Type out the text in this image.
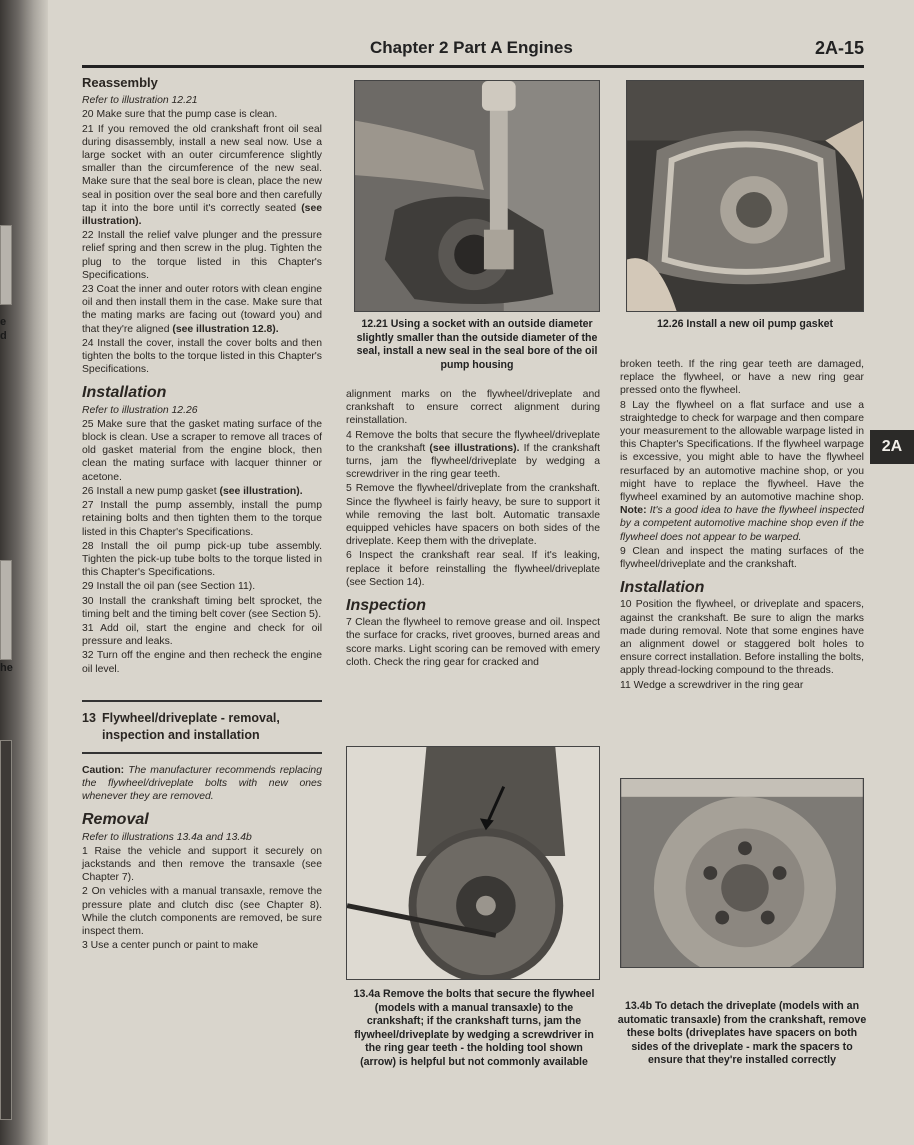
e
d
he
Chapter 2 Part A Engines	2A-15
2A
Reassembly

Refer to illustration 12.21

20 Make sure that the pump case is clean.

21 If you removed the old crankshaft front oil seal during disassembly, install a new seal now. Use a large socket with an outer circumference slightly smaller than the circumference of the new seal. Make sure that the seal bore is clean, place the new seal in position over the seal bore and then carefully tap it into the bore until it's correctly seated (see illustration).

22 Install the relief valve plunger and the pressure relief spring and then screw in the plug. Tighten the plug to the torque listed in this Chapter's Specifications.

23 Coat the inner and outer rotors with clean engine oil and then install them in the case. Make sure that the mating marks are facing out (toward you) and that they're aligned (see illustration 12.8).

24 Install the cover, install the cover bolts and then tighten the bolts to the torque listed in this Chapter's Specifications.

Installation

Refer to illustration 12.26

25 Make sure that the gasket mating surface of the block is clean. Use a scraper to remove all traces of old gasket material from the engine block, then clean the mating surface with lacquer thinner or acetone.

26 Install a new pump gasket (see illustration).

27 Install the pump assembly, install the pump retaining bolts and then tighten them to the torque listed in this Chapter's Specifications.

28 Install the oil pump pick-up tube assembly. Tighten the pick-up tube bolts to the torque listed in this Chapter's Specifications.

29 Install the oil pan (see Section 11).

30 Install the crankshaft timing belt sprocket, the timing belt and the timing belt cover (see Section 5).

31 Add oil, start the engine and check for oil pressure and leaks.

32 Turn off the engine and then recheck the engine oil level.

13 Flywheel/driveplate - removal,
inspection and installation

Caution: The manufacturer recommends replacing the flywheel/driveplate bolts with new ones whenever they are removed.

Removal

Refer to illustrations 13.4a and 13.4b

1 Raise the vehicle and support it securely on jackstands and then remove the transaxle (see Chapter 7).

2 On vehicles with a manual transaxle, remove the pressure plate and clutch disc (see Chapter 8). While the clutch components are removed, be sure inspect them.

3 Use a center punch or paint to make

12.21 Using a socket with an outside diameter slightly smaller than the outside diameter of the seal, install a new seal in the seal bore of the oil pump housing
12.26 Install a new oil pump gasket

alignment marks on the flywheel/driveplate and crankshaft to ensure correct alignment during reinstallation.

4 Remove the bolts that secure the flywheel/driveplate to the crankshaft (see illustrations). If the crankshaft turns, jam the flywheel/driveplate by wedging a screwdriver in the ring gear teeth.

5 Remove the flywheel/driveplate from the crankshaft. Since the flywheel is fairly heavy, be sure to support it while removing the last bolt. Automatic transaxle equipped vehicles have spacers on both sides of the driveplate. Keep them with the driveplate.

6 Inspect the crankshaft rear seal. If it's leaking, replace it before reinstalling the flywheel/driveplate (see Section 14).

Inspection

7 Clean the flywheel to remove grease and oil. Inspect the surface for cracks, rivet grooves, burned areas and score marks. Light scoring can be removed with emery cloth. Check the ring gear for cracked and

13.4a Remove the bolts that secure the flywheel (models with a manual transaxle) to the crankshaft; if the crankshaft turns, jam the flywheel/driveplate by wedging a screwdriver in the ring gear teeth - the holding tool shown (arrow) is helpful but not commonly available

broken teeth. If the ring gear teeth are damaged, replace the flywheel, or have a new ring gear pressed onto the flywheel.

8 Lay the flywheel on a flat surface and use a straightedge to check for warpage and then compare your measurement to the allowable warpage listed in this Chapter's Specifications. If the flywheel warpage is excessive, you might able to have the flywheel resurfaced by an automotive machine shop, or you might have to replace the flywheel. Have the flywheel examined by an automotive machine shop. Note: It's a good idea to have the flywheel inspected by a competent automotive machine shop even if the flywheel does not appear to be warped.

9 Clean and inspect the mating surfaces of the flywheel/driveplate and the crankshaft.

Installation

10 Position the flywheel, or driveplate and spacers, against the crankshaft. Be sure to align the marks made during removal. Note that some engines have an alignment dowel or staggered bolt holes to ensure correct installation. Before installing the bolts, apply thread-locking compound to the threads.

11 Wedge a screwdriver in the ring gear

13.4b To detach the driveplate (models with an automatic transaxle) from the crankshaft, remove these bolts (driveplates have spacers on both sides of the driveplate - mark the spacers to ensure that they're installed correctly
